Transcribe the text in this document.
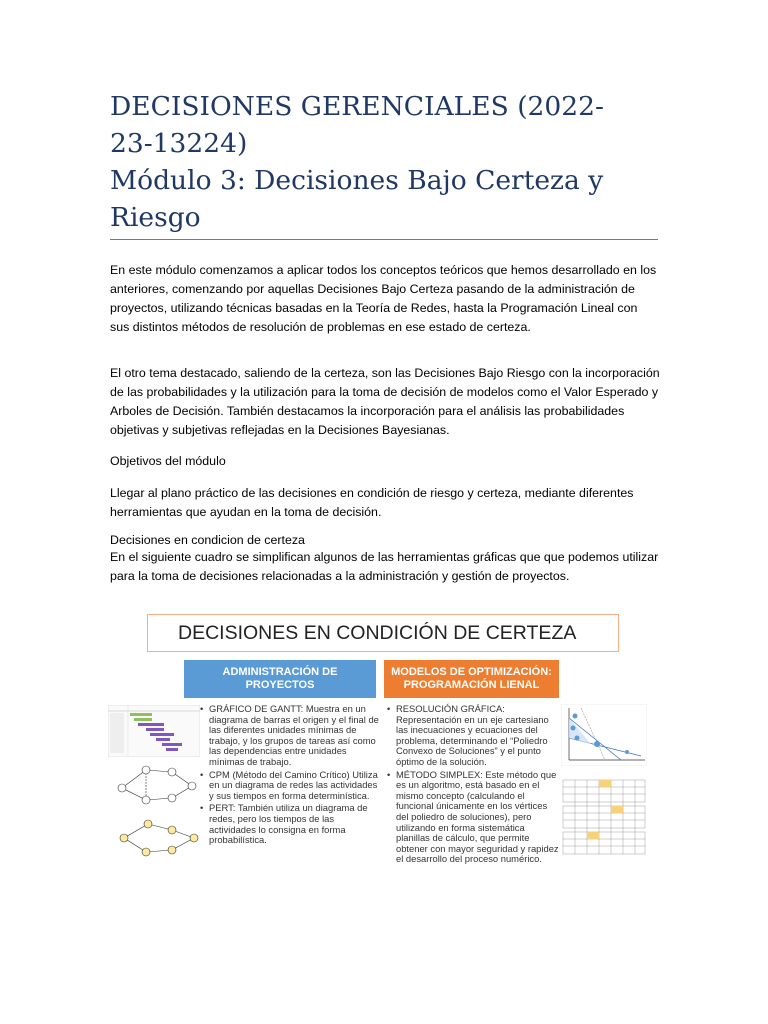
DECISIONES GERENCIALES (2022-
23-13224)
Módulo 3: Decisiones Bajo Certeza y
Riesgo

En este módulo comenzamos a aplicar todos los conceptos teóricos que hemos desarrollado en los anteriores, comenzando por aquellas Decisiones Bajo Certeza pasando de la administración de proyectos, utilizando técnicas basadas en la Teoría de Redes, hasta la Programación Lineal con sus distintos métodos de resolución de problemas en ese estado de certeza.

El otro tema destacado, saliendo de la certeza, son las Decisiones Bajo Riesgo con la incorporación de las probabilidades y la utilización para la toma de decisión de modelos como el Valor Esperado y Arboles de Decisión. También destacamos la incorporación para el análisis las probabilidades objetivas y subjetivas reflejadas en la Decisiones Bayesianas.

Objetivos del módulo

Llegar al plano práctico de las decisiones en condición de riesgo y certeza, mediante diferentes herramientas que ayudan en la toma de decisión.

Decisiones en condicion de certeza

En el siguiente cuadro se simplifican algunos de las herramientas gráficas que que podemos utilizar para la toma de decisiones relacionadas a la administración y gestión de proyectos.

DECISIONES EN CONDICIÓN DE CERTEZA
ADMINISTRACIÓN DE PROYECTOS
MODELOS DE OPTIMIZACIÓN: PROGRAMACIÓN LIENAL
• GRÁFICO DE GANTT: Muestra en un diagrama de barras el origen y el final de las diferentes unidades mínimas de trabajo, y los grupos de tareas así como las dependencias entre unidades mínimas de trabajo.
• CPM (Método del Camino Crítico) Utiliza en un diagrama de redes las actividades y sus tiempos en forma determinística.
• PERT: También utiliza un diagrama de redes, pero los tiempos de las actividades lo consigna en forma probabilística.
• RESOLUCIÓN GRÁFICA: Representación en un eje cartesiano las inecuaciones y ecuaciones del problema, determinando el “Poliedro Convexo de Soluciones” y el punto óptimo de la solución.
• MÉTODO SIMPLEX: Este método que es un algoritmo, está basado en el mismo concepto (calculando el funcional únicamente en los vértices del poliedro de soluciones), pero utilizando en forma sistemática planillas de cálculo, que permite obtener con mayor seguridad y rapidez el desarrollo del proceso numérico.
